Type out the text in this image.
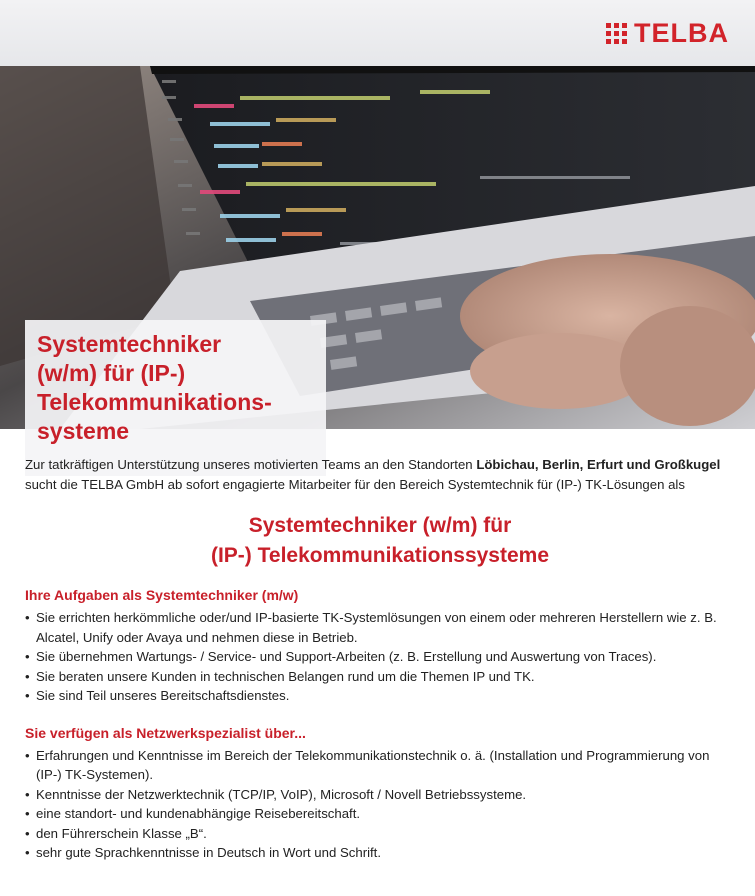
TELBA
Systemtechniker
(w/m) für (IP-)
Telekommunikations-
systeme

Zur tatkräftigen Unterstützung unseres motivierten Teams an den Standorten Löbichau, Berlin, Erfurt und Großkugel sucht die TELBA GmbH ab sofort engagierte Mitarbeiter für den Bereich Systemtechnik für (IP-) TK-Lösungen als

Systemtechniker (w/m) für
(IP-) Telekommunikationssysteme
Ihre Aufgaben als Systemtechniker (m/w)
• Sie errichten herkömmliche oder/und IP-basierte TK-Systemlösungen von einem oder mehreren Herstellern wie z. B. Alcatel, Unify oder Avaya und nehmen diese in Betrieb.
• Sie übernehmen Wartungs- / Service- und Support-Arbeiten (z. B. Erstellung und Auswertung von Traces).
• Sie beraten unsere Kunden in technischen Belangen rund um die Themen IP und TK.
• Sie sind Teil unseres Bereitschaftsdienstes.
Sie verfügen als Netzwerkspezialist über...
• Erfahrungen und Kenntnisse im Bereich der Telekommunikationstechnik o. ä. (Installation und Programmierung von (IP-) TK-Systemen).
• Kenntnisse der Netzwerktechnik (TCP/IP, VoIP), Microsoft / Novell Betriebssysteme.
• eine standort- und kundenabhängige Reisebereitschaft.
• den Führerschein Klasse „B“.
• sehr gute Sprachkenntnisse in Deutsch in Wort und Schrift.
